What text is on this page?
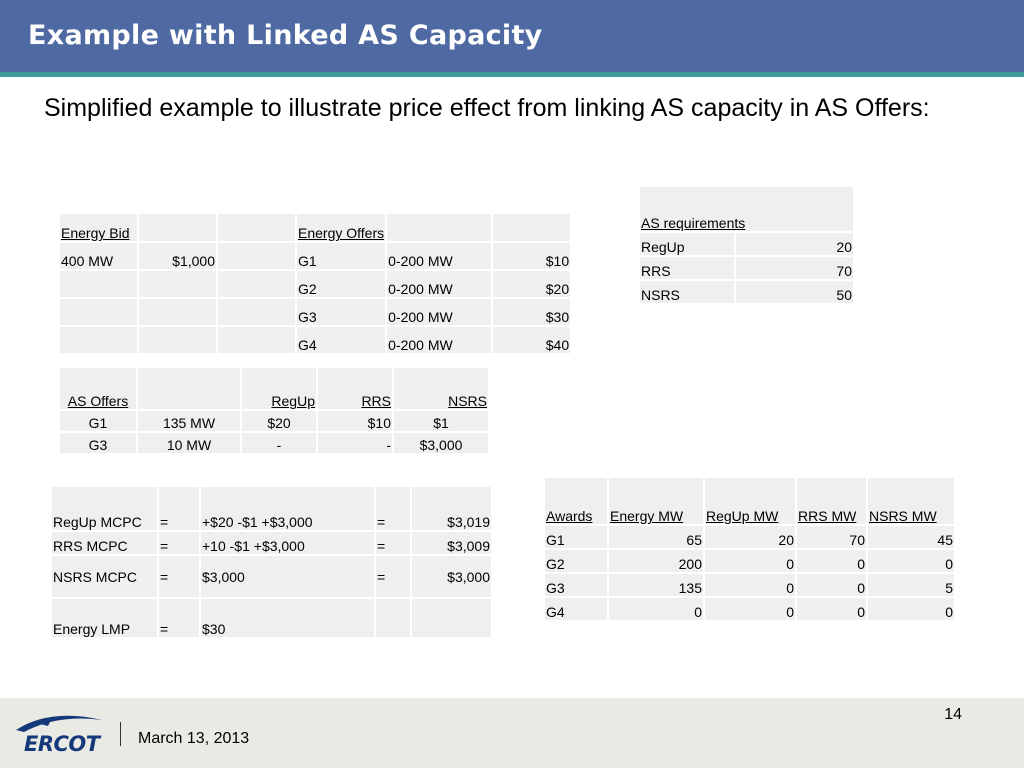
Example with Linked AS Capacity
Simplified example to illustrate price effect from linking AS capacity in AS Offers:
Energy Bid			Energy Offers		
400 MW	$1,000		G1	0-200 MW	$10
			G2	0-200 MW	$20
			G3	0-200 MW	$30
			G4	0-200 MW	$40
AS requirements	
RegUp	20
RRS	70
NSRS	50
AS Offers		RegUp	RRS	NSRS
G1	135 MW	$20	$10	$1
G3	10 MW	-	-	$3,000
RegUp MCPC	=	+$20 -$1 +$3,000	=	$3,019
RRS MCPC	=	+10 -$1 +$3,000	=	$3,009
NSRS MCPC	=	$3,000	=	$3,000
Energy LMP	=	$30		
Awards	Energy MW	RegUp MW	RRS MW	NSRS MW
G1	65	20	70	45
G2	200	0	0	0
G3	135	0	0	5
G4	0	0	0	0
ERCOT March 13, 2013
14
